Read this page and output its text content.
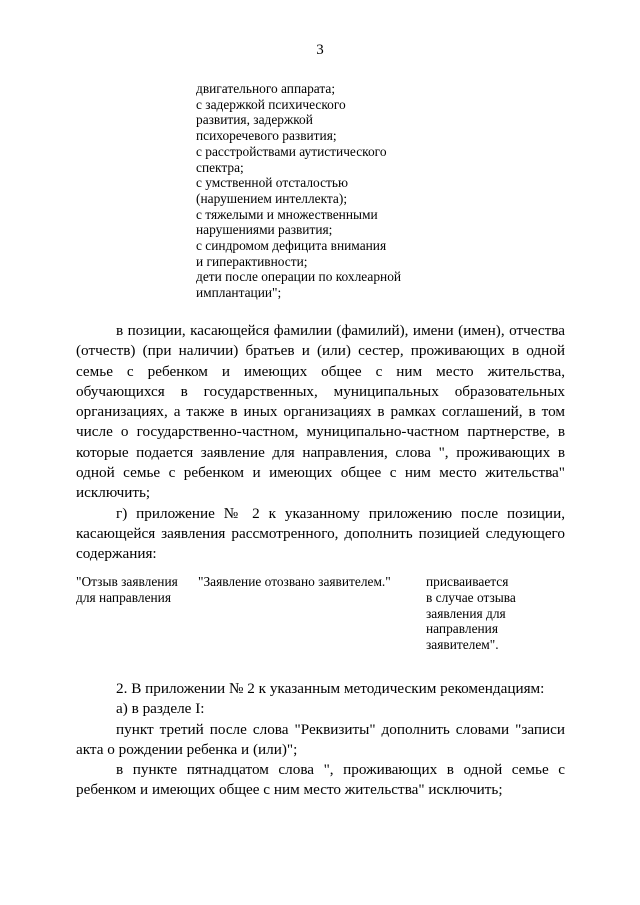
3
двигательного аппарата;
с задержкой психического
развития, задержкой
психоречевого развития;
с расстройствами аутистического
спектра;
с умственной отсталостью
(нарушением интеллекта);
с тяжелыми и множественными
нарушениями развития;
с синдромом дефицита внимания
и гиперактивности;
дети после операции по кохлеарной
имплантации";

в позиции, касающейся фамилии (фамилий), имени (имен), отчества (отчеств) (при наличии) братьев и (или) сестер, проживающих в одной семье с ребенком и имеющих общее с ним место жительства, обучающихся в государственных, муниципальных образовательных организациях, а также в иных организациях в рамках соглашений, в том числе о государственно-частном, муниципально-частном партнерстве, в которые подается заявление для направления, слова ", проживающих в одной семье с ребенком и имеющих общее с ним место жительства" исключить;

г) приложение № 2 к указанному приложению после позиции, касающейся заявления рассмотренного, дополнить позицией следующего содержания:

"Отзыв заявления
для направления
"Заявление отозвано заявителем."	присваивается
в случае отзыва
заявления для
направления
заявителем".

2. В приложении № 2 к указанным методическим рекомендациям:

а) в разделе I:

пункт третий после слова "Реквизиты" дополнить словами "записи акта о рождении ребенка и (или)";

в пункте пятнадцатом слова ", проживающих в одной семье с ребенком и имеющих общее с ним место жительства" исключить;
